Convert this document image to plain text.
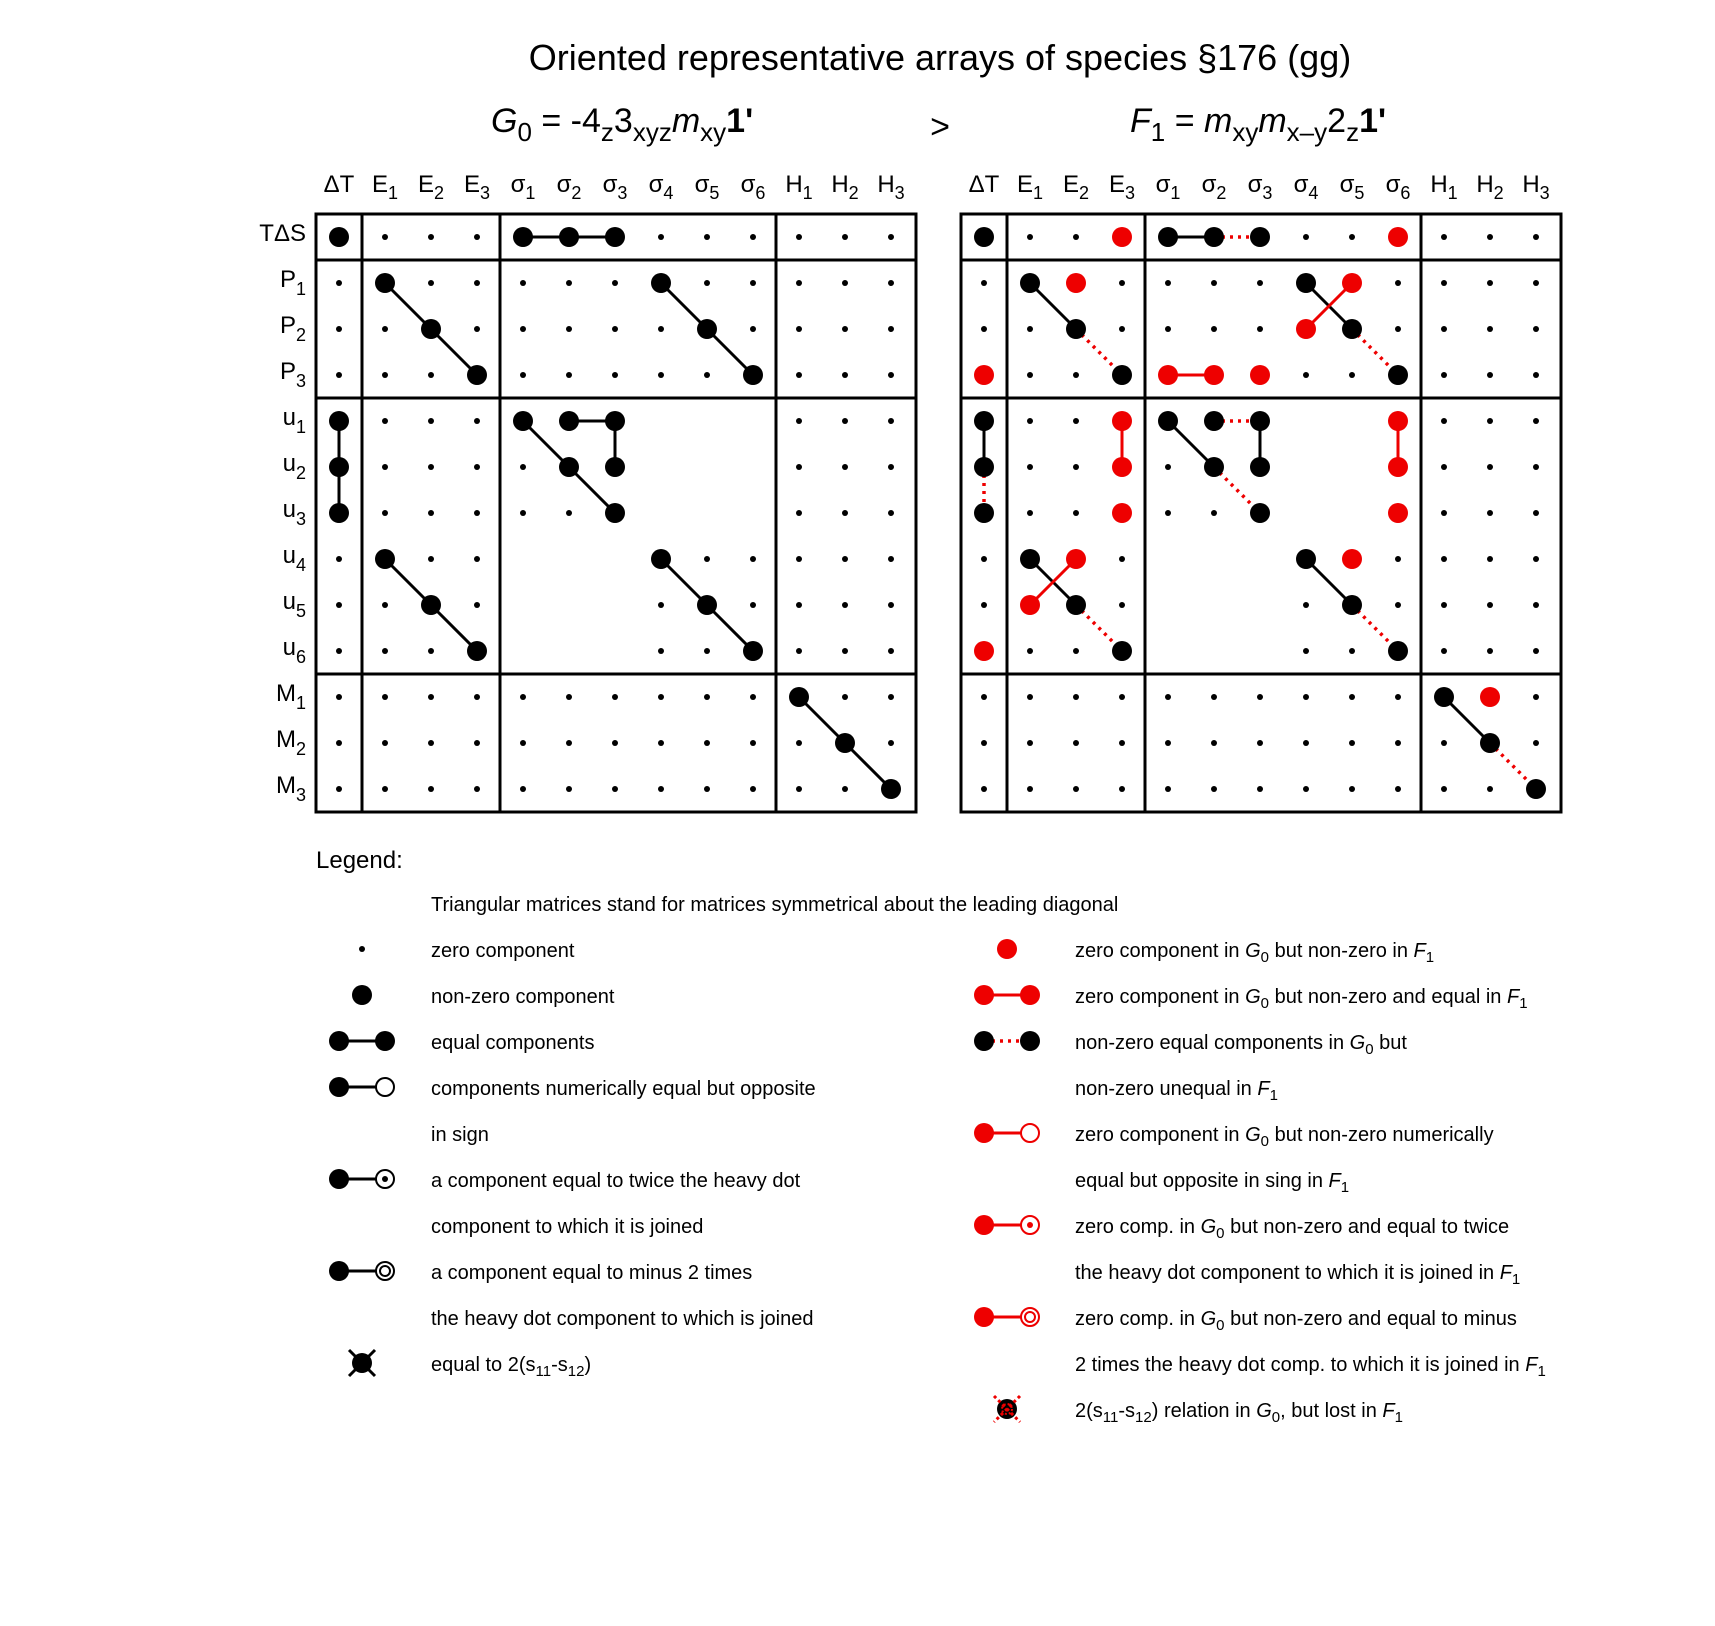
Oriented representative arrays of species §176 (gg)
>
G0 = -4z3xyzmxy1'	F1 = mxymx–y2z1'
ΔT E1 E2 E3 σ1 σ2 σ3 σ4 σ5 σ6 H1 H2 H3
TΔS
P1
P2
P3
u1
u2
u3
u4
u5
u6
M1
M2
M3
ΔT E1 E2 E3 σ1 σ2 σ3 σ4 σ5 σ6 H1 H2 H3
Legend:
Triangular matrices stand for matrices symmetrical about the leading diagonal
zero component
non-zero component
equal components
components numerically equal but opposite
in sign
a component equal to twice the heavy dot
component to which it is joined
a component equal to minus 2 times
the heavy dot component to which is joined
equal to 2(s11-s12)
zero component in G0 but non-zero in F1
zero component in G0 but non-zero and equal in F1
non-zero equal components in G0 but
non-zero unequal in F1
zero component in G0 but non-zero numerically
equal but opposite in sing in F1
zero comp. in G0 but non-zero and equal to twice
the heavy dot component to which it is joined in F1
zero comp. in G0 but non-zero and equal to minus
2 times the heavy dot comp. to which it is joined in F1
2(s11-s12) relation in G0, but lost in F1
